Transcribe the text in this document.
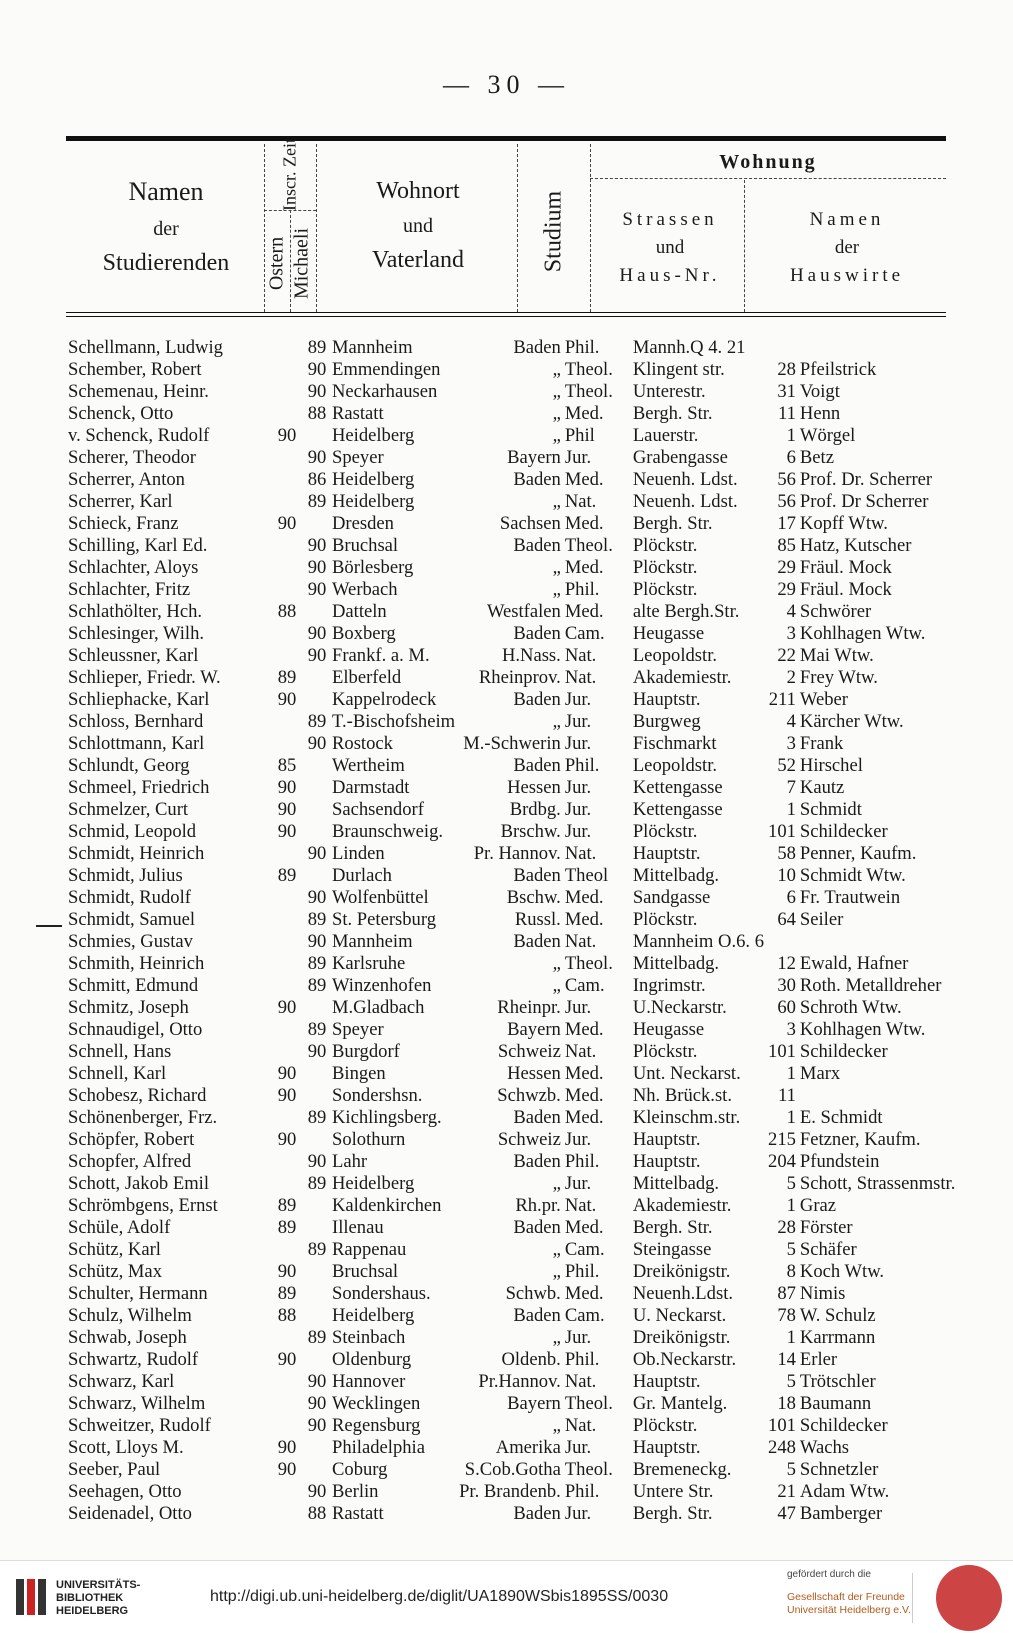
— 30 —
Namen
der
Studierenden
Inscr. Zeit
Ostern Michaeli
Wohnort
und
Vaterland	Studium
Wohnung
Strassen
und
Haus-Nr.
Namen
der
Hauswirte
Schellmann, Ludwig		89	Mannheim	Baden	Phil.	Mannh.Q 4. 21		
Schember, Robert		90	Emmendingen	„	Theol.	Klingent str.	28	Pfeilstrick
Schemenau, Heinr.		90	Neckarhausen	„	Theol.	Unterestr.	31	Voigt
Schenck, Otto		88	Rastatt	„	Med.	Bergh. Str.	11	Henn
v. Schenck, Rudolf	90		Heidelberg	„	Phil	Lauerstr.	1	Wörgel
Scherer, Theodor		90	Speyer	Bayern	Jur.	Grabengasse	6	Betz
Scherrer, Anton		86	Heidelberg	Baden	Med.	Neuenh. Ldst.	56	Prof. Dr. Scherrer
Scherrer, Karl		89	Heidelberg	„	Nat.	Neuenh. Ldst.	56	Prof. Dr Scherrer
Schieck, Franz	90		Dresden	Sachsen	Med.	Bergh. Str.	17	Kopff Wtw.
Schilling, Karl Ed.		90	Bruchsal	Baden	Theol.	Plöckstr.	85	Hatz, Kutscher
Schlachter, Aloys		90	Börlesberg	„	Med.	Plöckstr.	29	Fräul. Mock
Schlachter, Fritz		90	Werbach	„	Phil.	Plöckstr.	29	Fräul. Mock
Schlathölter, Hch.	88		Datteln	Westfalen	Med.	alte Bergh.Str.	4	Schwörer
Schlesinger, Wilh.		90	Boxberg	Baden	Cam.	Heugasse	3	Kohlhagen Wtw.
Schleussner, Karl		90	Frankf. a. M.	H.Nass.	Nat.	Leopoldstr.	22	Mai Wtw.
Schlieper, Friedr. W.	89		Elberfeld	Rheinprov.	Nat.	Akademiestr.	2	Frey Wtw.
Schliephacke, Karl	90		Kappelrodeck	Baden	Jur.	Hauptstr.	211	Weber
Schloss, Bernhard		89	T.-Bischofsheim	„	Jur.	Burgweg	4	Kärcher Wtw.
Schlottmann, Karl		90	Rostock	M.-Schwerin	Jur.	Fischmarkt	3	Frank
Schlundt, Georg	85		Wertheim	Baden	Phil.	Leopoldstr.	52	Hirschel
Schmeel, Friedrich	90		Darmstadt	Hessen	Jur.	Kettengasse	7	Kautz
Schmelzer, Curt	90		Sachsendorf	Brdbg.	Jur.	Kettengasse	1	Schmidt
Schmid, Leopold	90		Braunschweig.	Brschw.	Jur.	Plöckstr.	101	Schildecker
Schmidt, Heinrich		90	Linden	Pr. Hannov.	Nat.	Hauptstr.	58	Penner, Kaufm.
Schmidt, Julius	89		Durlach	Baden	Theol	Mittelbadg.	10	Schmidt Wtw.
Schmidt, Rudolf		90	Wolfenbüttel	Bschw.	Med.	Sandgasse	6	Fr. Trautwein
Schmidt, Samuel		89	St. Petersburg	Russl.	Med.	Plöckstr.	64	Seiler
Schmies, Gustav		90	Mannheim	Baden	Nat.	Mannheim O.6. 6		
Schmith, Heinrich		89	Karlsruhe	„	Theol.	Mittelbadg.	12	Ewald, Hafner
Schmitt, Edmund		89	Winzenhofen	„	Cam.	Ingrimstr.	30	Roth. Metalldreher
Schmitz, Joseph	90		M.Gladbach	Rheinpr.	Jur.	U.Neckarstr.	60	Schroth Wtw.
Schnaudigel, Otto		89	Speyer	Bayern	Med.	Heugasse	3	Kohlhagen Wtw.
Schnell, Hans		90	Burgdorf	Schweiz	Nat.	Plöckstr.	101	Schildecker
Schnell, Karl	90		Bingen	Hessen	Med.	Unt. Neckarst.	1	Marx
Schobesz, Richard	90		Sondershsn.	Schwzb.	Med.	Nh. Brück.st.	11	
Schönenberger, Frz.		89	Kichlingsberg.	Baden	Med.	Kleinschm.str.	1	E. Schmidt
Schöpfer, Robert	90		Solothurn	Schweiz	Jur.	Hauptstr.	215	Fetzner, Kaufm.
Schopfer, Alfred		90	Lahr	Baden	Phil.	Hauptstr.	204	Pfundstein
Schott, Jakob Emil		89	Heidelberg	„	Jur.	Mittelbadg.	5	Schott, Strassenmstr.
Schrömbgens, Ernst	89		Kaldenkirchen	Rh.pr.	Nat.	Akademiestr.	1	Graz
Schüle, Adolf	89		Illenau	Baden	Med.	Bergh. Str.	28	Förster
Schütz, Karl		89	Rappenau	„	Cam.	Steingasse	5	Schäfer
Schütz, Max	90		Bruchsal	„	Phil.	Dreikönigstr.	8	Koch Wtw.
Schulter, Hermann	89		Sondershaus.	Schwb.	Med.	Neuenh.Ldst.	87	Nimis
Schulz, Wilhelm	88		Heidelberg	Baden	Cam.	U. Neckarst.	78	W. Schulz
Schwab, Joseph		89	Steinbach	„	Jur.	Dreikönigstr.	1	Karrmann
Schwartz, Rudolf	90		Oldenburg	Oldenb.	Phil.	Ob.Neckarstr.	14	Erler
Schwarz, Karl		90	Hannover	Pr.Hannov.	Nat.	Hauptstr.	5	Trötschler
Schwarz, Wilhelm		90	Wecklingen	Bayern	Theol.	Gr. Mantelg.	18	Baumann
Schweitzer, Rudolf		90	Regensburg	„	Nat.	Plöckstr.	101	Schildecker
Scott, Lloys M.	90		Philadelphia	Amerika	Jur.	Hauptstr.	248	Wachs
Seeber, Paul	90		Coburg	S.Cob.Gotha	Theol.	Bremeneckg.	5	Schnetzler
Seehagen, Otto		90	Berlin	Pr. Brandenb.	Phil.	Untere Str.	21	Adam Wtw.
Seidenadel, Otto		88	Rastatt	Baden	Jur.	Bergh. Str.	47	Bamberger
UNIVERSITÄTS-
BIBLIOTHEK
HEIDELBERG
http://digi.ub.uni-heidelberg.de/diglit/UA1890WSbis1895SS/0030
gefördert durch die
Gesellschaft der Freunde
Universität Heidelberg e.V.
